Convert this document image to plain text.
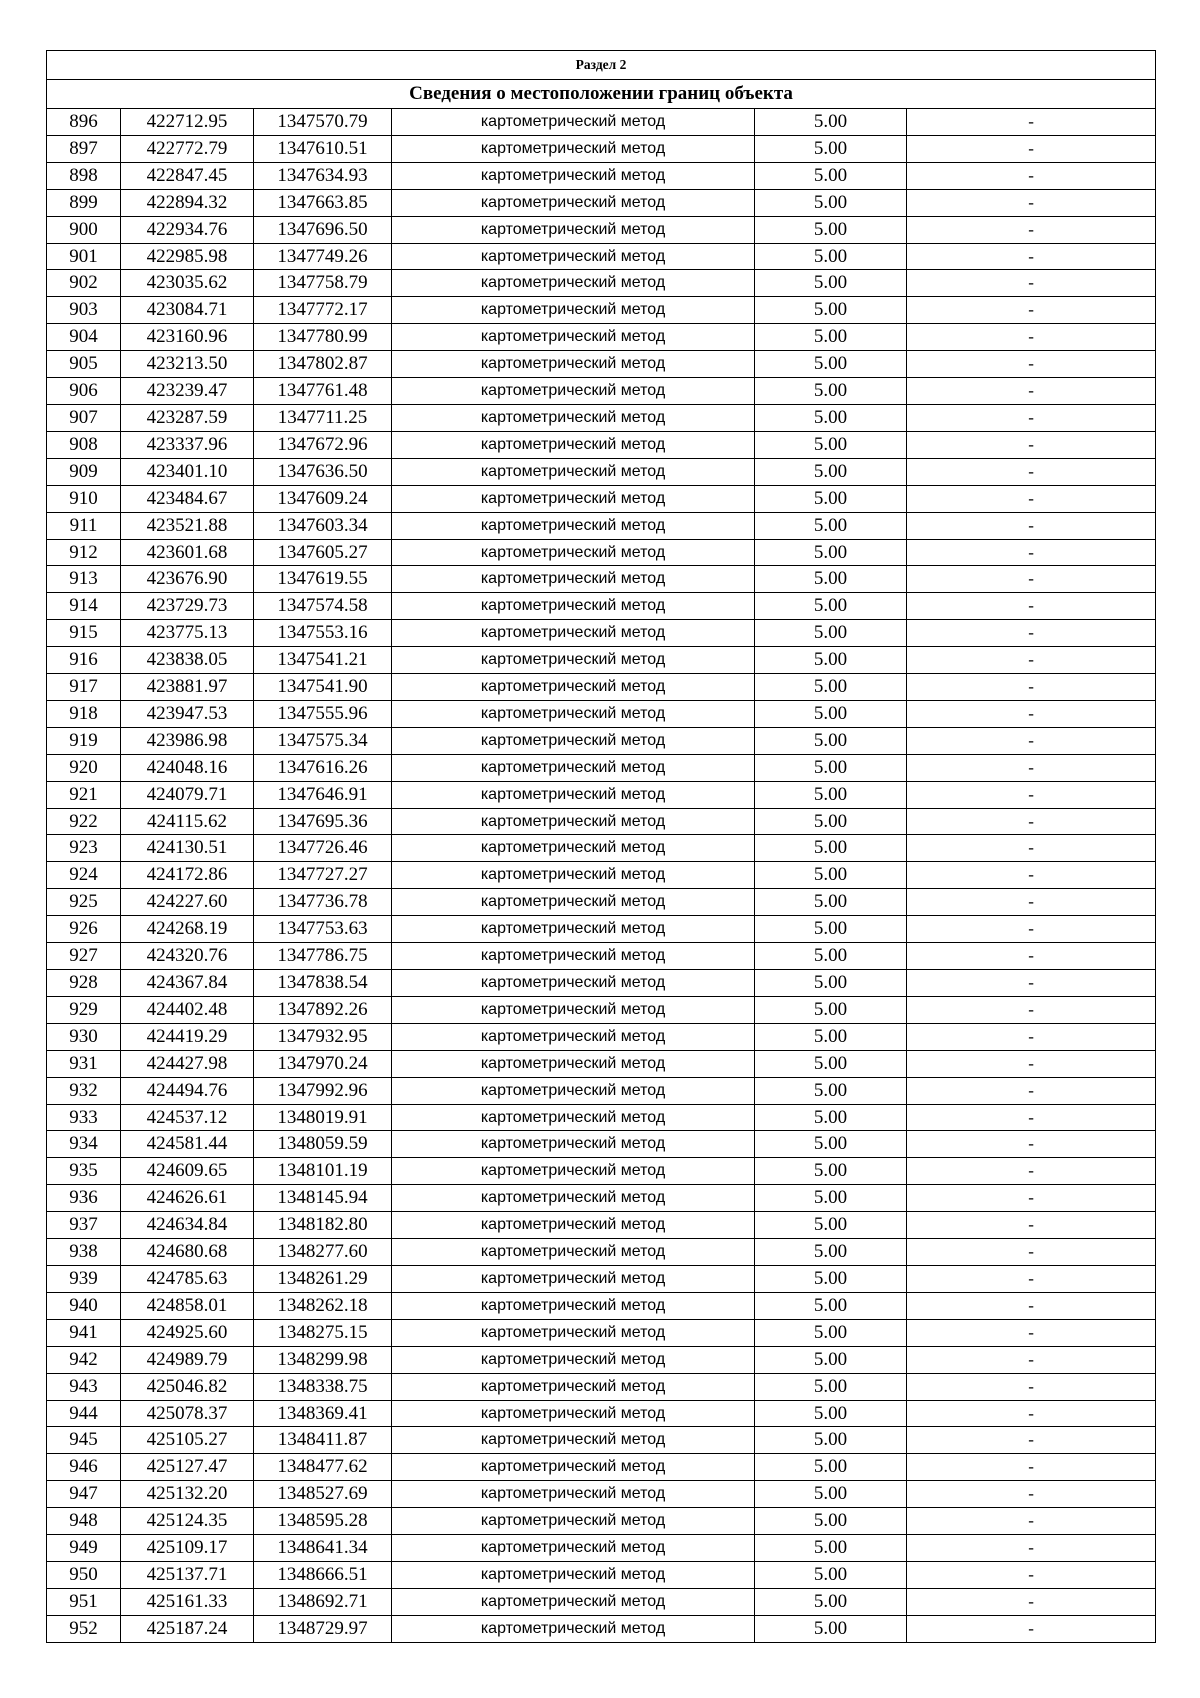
Раздел 2					
Сведения о местоположении границ объекта					
896	422712.95	1347570.79	картометрический метод	5.00	-
897	422772.79	1347610.51	картометрический метод	5.00	-
898	422847.45	1347634.93	картометрический метод	5.00	-
899	422894.32	1347663.85	картометрический метод	5.00	-
900	422934.76	1347696.50	картометрический метод	5.00	-
901	422985.98	1347749.26	картометрический метод	5.00	-
902	423035.62	1347758.79	картометрический метод	5.00	-
903	423084.71	1347772.17	картометрический метод	5.00	-
904	423160.96	1347780.99	картометрический метод	5.00	-
905	423213.50	1347802.87	картометрический метод	5.00	-
906	423239.47	1347761.48	картометрический метод	5.00	-
907	423287.59	1347711.25	картометрический метод	5.00	-
908	423337.96	1347672.96	картометрический метод	5.00	-
909	423401.10	1347636.50	картометрический метод	5.00	-
910	423484.67	1347609.24	картометрический метод	5.00	-
911	423521.88	1347603.34	картометрический метод	5.00	-
912	423601.68	1347605.27	картометрический метод	5.00	-
913	423676.90	1347619.55	картометрический метод	5.00	-
914	423729.73	1347574.58	картометрический метод	5.00	-
915	423775.13	1347553.16	картометрический метод	5.00	-
916	423838.05	1347541.21	картометрический метод	5.00	-
917	423881.97	1347541.90	картометрический метод	5.00	-
918	423947.53	1347555.96	картометрический метод	5.00	-
919	423986.98	1347575.34	картометрический метод	5.00	-
920	424048.16	1347616.26	картометрический метод	5.00	-
921	424079.71	1347646.91	картометрический метод	5.00	-
922	424115.62	1347695.36	картометрический метод	5.00	-
923	424130.51	1347726.46	картометрический метод	5.00	-
924	424172.86	1347727.27	картометрический метод	5.00	-
925	424227.60	1347736.78	картометрический метод	5.00	-
926	424268.19	1347753.63	картометрический метод	5.00	-
927	424320.76	1347786.75	картометрический метод	5.00	-
928	424367.84	1347838.54	картометрический метод	5.00	-
929	424402.48	1347892.26	картометрический метод	5.00	-
930	424419.29	1347932.95	картометрический метод	5.00	-
931	424427.98	1347970.24	картометрический метод	5.00	-
932	424494.76	1347992.96	картометрический метод	5.00	-
933	424537.12	1348019.91	картометрический метод	5.00	-
934	424581.44	1348059.59	картометрический метод	5.00	-
935	424609.65	1348101.19	картометрический метод	5.00	-
936	424626.61	1348145.94	картометрический метод	5.00	-
937	424634.84	1348182.80	картометрический метод	5.00	-
938	424680.68	1348277.60	картометрический метод	5.00	-
939	424785.63	1348261.29	картометрический метод	5.00	-
940	424858.01	1348262.18	картометрический метод	5.00	-
941	424925.60	1348275.15	картометрический метод	5.00	-
942	424989.79	1348299.98	картометрический метод	5.00	-
943	425046.82	1348338.75	картометрический метод	5.00	-
944	425078.37	1348369.41	картометрический метод	5.00	-
945	425105.27	1348411.87	картометрический метод	5.00	-
946	425127.47	1348477.62	картометрический метод	5.00	-
947	425132.20	1348527.69	картометрический метод	5.00	-
948	425124.35	1348595.28	картометрический метод	5.00	-
949	425109.17	1348641.34	картометрический метод	5.00	-
950	425137.71	1348666.51	картометрический метод	5.00	-
951	425161.33	1348692.71	картометрический метод	5.00	-
952	425187.24	1348729.97	картометрический метод	5.00	-
